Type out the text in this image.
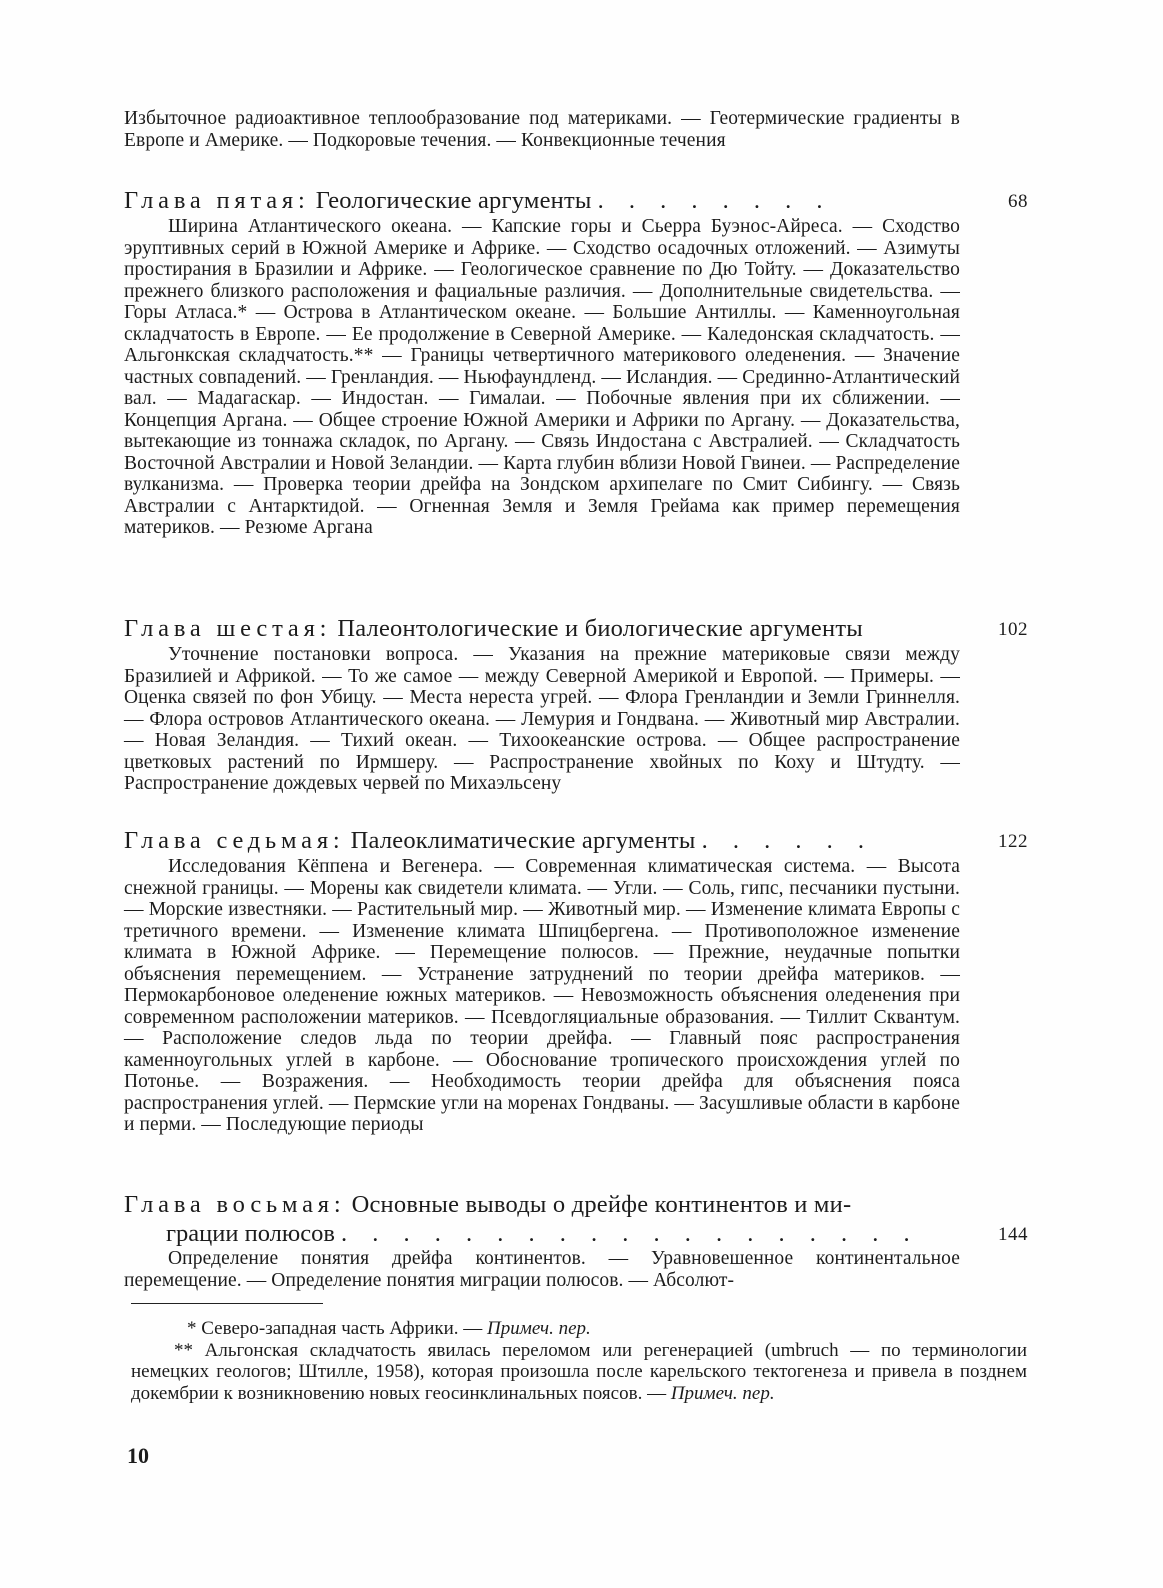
Избыточное радиоактивное теплообразование под материками. — Геотермические градиенты в Европе и Америке. — Подкоровые течения. — Конвекционные течения
Глава пятая: Геологические аргументы . . . . . . . .	68
Ширина Атлантического океана. — Капские горы и Сьерра Буэнос-Айреса. — Сходство эруптивных серий в Южной Америке и Африке. — Сходство осадочных отложений. — Азимуты простирания в Бразилии и Африке. — Геологическое сравнение по Дю Тойту. — Доказательство прежнего близкого расположения и фациальные различия. — Дополнительные свидетельства. — Горы Атласа.* — Острова в Атлантическом океане. — Большие Антиллы. — Каменноугольная складчатость в Европе. — Ее продолжение в Северной Америке. — Каледонская складчатость. — Альгонкская складчатость.** — Границы четвертичного материкового оледенения. — Значение частных совпадений. — Гренландия. — Ньюфаундленд. — Исландия. — Срединно-Атлантический вал. — Мадагаскар. — Индостан. — Гималаи. — Побочные явления при их сближении. — Концепция Аргана. — Общее строение Южной Америки и Африки по Аргану. — Доказательства, вытекающие из тоннажа складок, по Аргану. — Связь Индостана с Австралией. — Складчатость Восточной Австралии и Новой Зеландии. — Карта глубин вблизи Новой Гвинеи. — Распределение вулканизма. — Проверка теории дрейфа на Зондском архипелаге по Смит Сибингу. — Связь Австралии с Антарктидой. — Огненная Земля и Земля Грейама как пример перемещения материков. — Резюме Аргана
Глава шестая: Палеонтологические и биологические аргументы	102
Уточнение постановки вопроса. — Указания на прежние материковые связи между Бразилией и Африкой. — То же самое — между Северной Америкой и Европой. — Примеры. — Оценка связей по фон Убицу. — Места нереста угрей. — Флора Гренландии и Земли Гриннелля. — Флора островов Атлантического океана. — Лемурия и Гондвана. — Животный мир Австралии. — Новая Зеландия. — Тихий океан. — Тихоокеанские острова. — Общее распространение цветковых растений по Ирмшеру. — Распространение хвойных по Коху и Штудту. — Распространение дождевых червей по Михаэльсену
Глава седьмая: Палеоклиматические аргументы . . . . . .	122
Исследования Кёппена и Вегенера. — Современная климатическая система. — Высота снежной границы. — Морены как свидетели климата. — Угли. — Соль, гипс, песчаники пустыни. — Морские известняки. — Растительный мир. — Животный мир. — Изменение климата Европы с третичного времени. — Изменение климата Шпицбергена. — Противоположное изменение климата в Южной Африке. — Перемещение полюсов. — Прежние, неудачные попытки объяснения перемещением. — Устранение затруднений по теории дрейфа материков. — Пермокарбоновое оледенение южных материков. — Невозможность объяснения оледенения при современном расположении материков. — Псевдогляциальные образования. — Тиллит Сквантум. — Расположение следов льда по теории дрейфа. — Главный пояс распространения каменноугольных углей в карбоне. — Обоснование тропического происхождения углей по Потонье. — Возражения. — Необходимость теории дрейфа для объяснения пояса распространения углей. — Пермские угли на моренах Гондваны. — Засушливые области в карбоне и перми. — Последующие периоды
Глава восьмая: Основные выводы о дрейфе континентов и ми-
грации полюсов . . . . . . . . . . . . . . . . . . .	144
Определение понятия дрейфа континентов. — Уравновешенное континентальное перемещение. — Определение понятия миграции полюсов. — Абсолют-

* Северо-западная часть Африки. — Примеч. пер.

** Альгонская складчатость явилась переломом или регенерацией (umbruch — по терминологии немецких геологов; Штилле, 1958), которая произошла после карельского тектогенеза и привела в позднем докембрии к возникновению новых геосинклинальных поясов. — Примеч. пер.

10
